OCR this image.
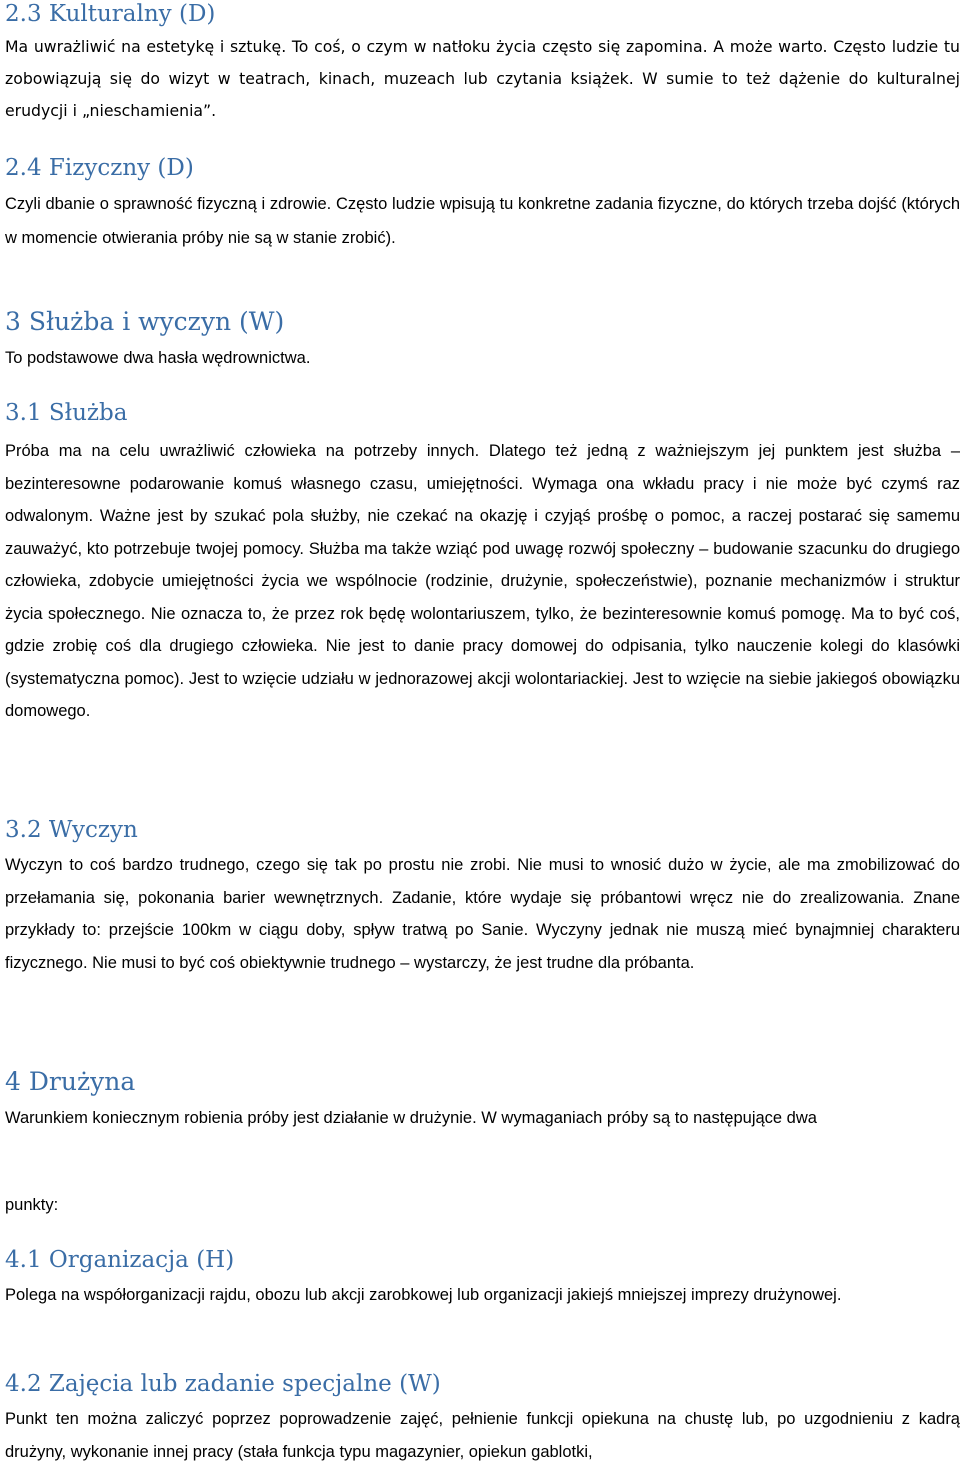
2.3 Kulturalny (D)

Ma uwrażliwić na estetykę i sztukę. To coś, o czym w natłoku życia często się zapomina. A może warto. Często ludzie tu zobowiązują się do wizyt w teatrach, kinach, muzeach lub czytania książek. W sumie to też dążenie do kulturalnej erudycji i „nieschamienia”.

2.4 Fizyczny (D)

Czyli dbanie o sprawność fizyczną i zdrowie. Często ludzie wpisują tu konkretne zadania fizyczne, do których trzeba dojść (których w momencie otwierania próby nie są w stanie zrobić).

3 Służba i wyczyn (W)

To podstawowe dwa hasła wędrownictwa.

3.1 Służba

Próba ma na celu uwrażliwić człowieka na potrzeby innych. Dlatego też jedną z ważniejszym jej punktem jest służba – bezinteresowne podarowanie komuś własnego czasu, umiejętności. Wymaga ona wkładu pracy i nie może być czymś raz odwalonym. Ważne jest by szukać pola służby, nie czekać na okazję i czyjąś prośbę o pomoc, a raczej postarać się samemu zauważyć, kto potrzebuje twojej pomocy. Służba ma także wziąć pod uwagę rozwój społeczny – budowanie szacunku do drugiego człowieka, zdobycie umiejętności życia we wspólnocie (rodzinie, drużynie, społeczeństwie), poznanie mechanizmów i struktur życia społecznego. Nie oznacza to, że przez rok będę wolontariuszem, tylko, że bezinteresownie komuś pomogę. Ma to być coś, gdzie zrobię coś dla drugiego człowieka. Nie jest to danie pracy domowej do odpisania, tylko nauczenie kolegi do klasówki (systematyczna pomoc). Jest to wzięcie udziału w jednorazowej akcji wolontariackiej. Jest to wzięcie na siebie jakiegoś obowiązku domowego.

3.2 Wyczyn

Wyczyn to coś bardzo trudnego, czego się tak po prostu nie zrobi. Nie musi to wnosić dużo w życie, ale ma zmobilizować do przełamania się, pokonania barier wewnętrznych. Zadanie, które wydaje się próbantowi wręcz nie do zrealizowania. Znane przykłady to: przejście 100km w ciągu doby, spływ tratwą po Sanie. Wyczyny jednak nie muszą mieć bynajmniej charakteru fizycznego. Nie musi to być coś obiektywnie trudnego – wystarczy, że jest trudne dla próbanta.

4 Drużyna

Warunkiem koniecznym robienia próby jest działanie w drużynie. W wymaganiach próby są to następujące dwa

punkty:

4.1 Organizacja (H)

Polega na współorganizacji rajdu, obozu lub akcji zarobkowej lub organizacji jakiejś mniejszej imprezy drużynowej.

4.2 Zajęcia lub zadanie specjalne (W)

Punkt ten można zaliczyć poprzez poprowadzenie zajęć, pełnienie funkcji opiekuna na chustę lub, po uzgodnieniu z kadrą drużyny, wykonanie innej pracy (stała funkcja typu magazynier, opiekun gablotki,
